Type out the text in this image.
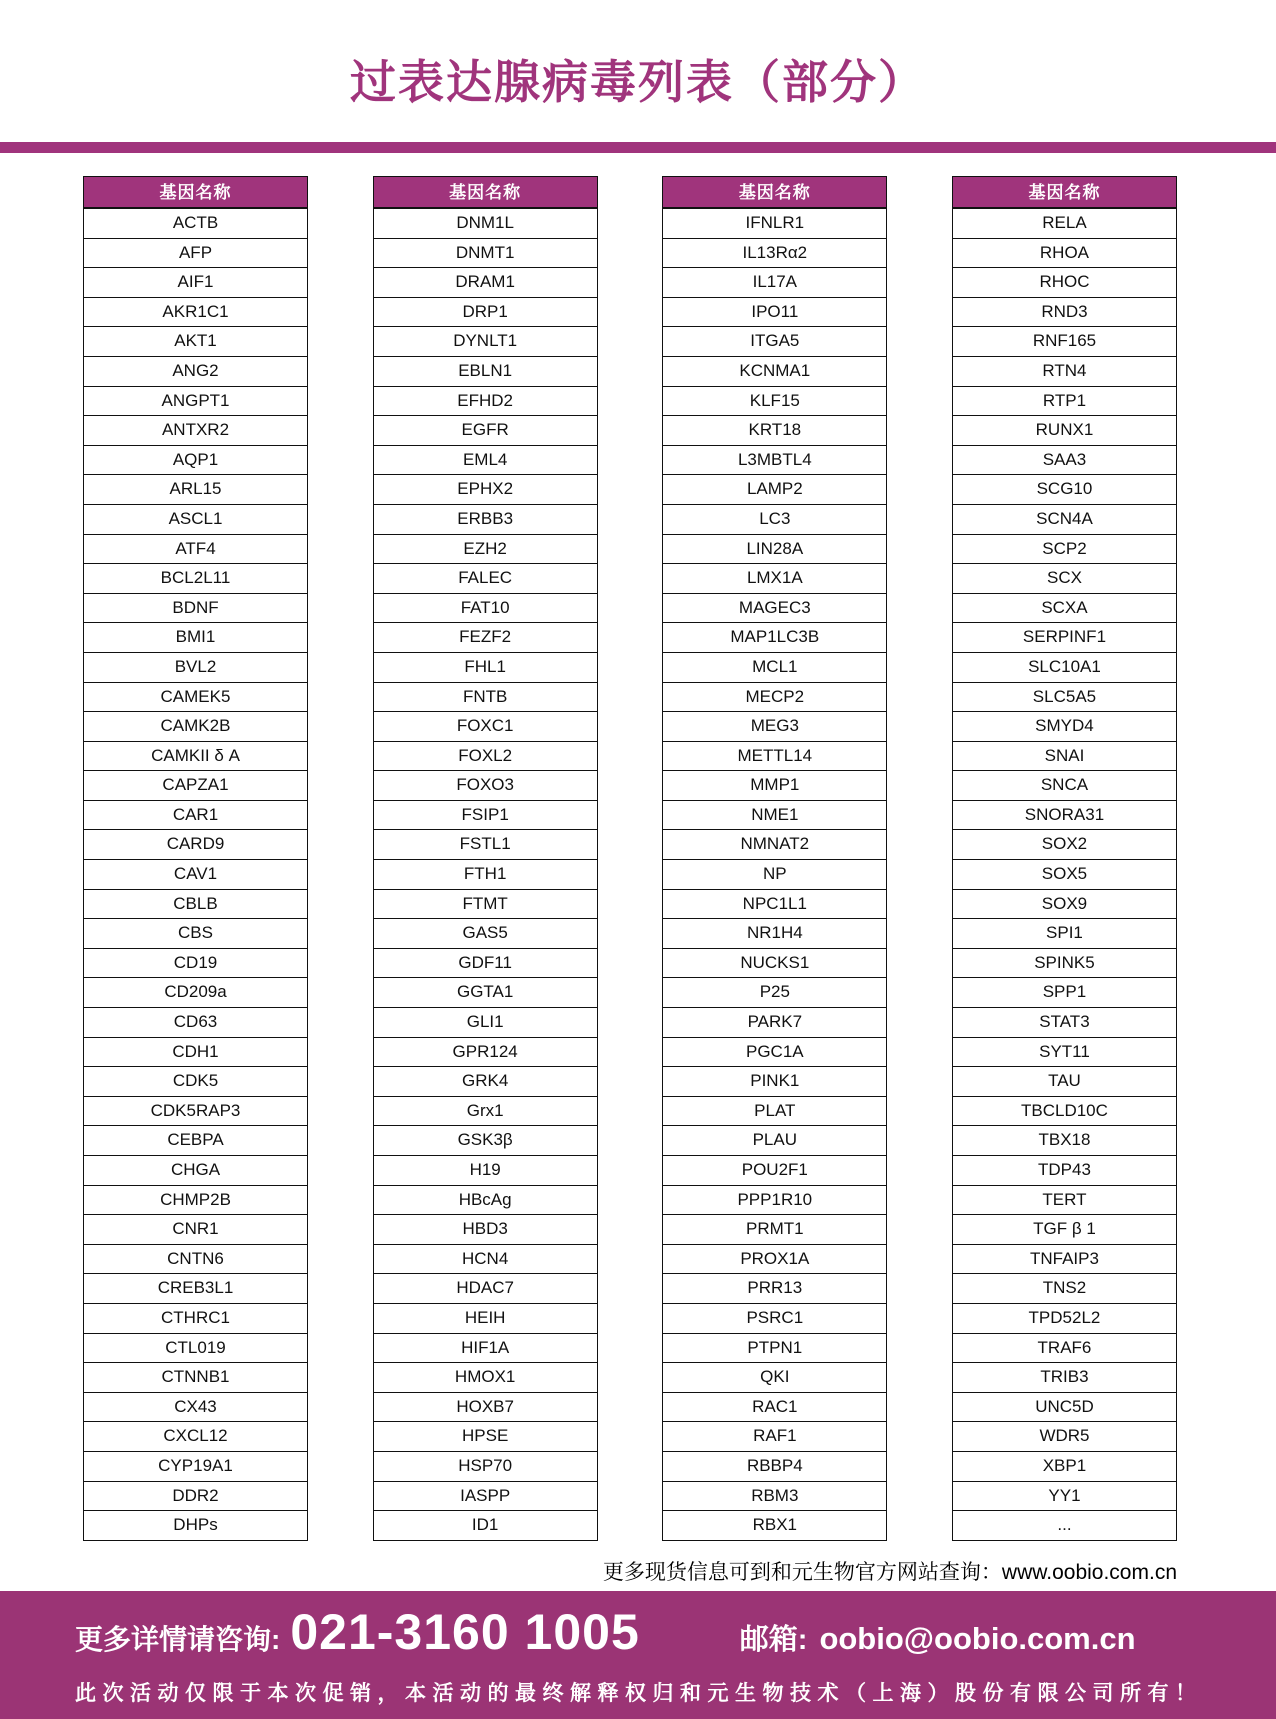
过表达腺病毒列表（部分）
基因名称
ACTB
AFP
AIF1
AKR1C1
AKT1
ANG2
ANGPT1
ANTXR2
AQP1
ARL15
ASCL1
ATF4
BCL2L11
BDNF
BMI1
BVL2
CAMEK5
CAMK2B
CAMKII δ A
CAPZA1
CAR1
CARD9
CAV1
CBLB
CBS
CD19
CD209a
CD63
CDH1
CDK5
CDK5RAP3
CEBPA
CHGA
CHMP2B
CNR1
CNTN6
CREB3L1
CTHRC1
CTL019
CTNNB1
CX43
CXCL12
CYP19A1
DDR2
DHPs
基因名称
DNM1L
DNMT1
DRAM1
DRP1
DYNLT1
EBLN1
EFHD2
EGFR
EML4
EPHX2
ERBB3
EZH2
FALEC
FAT10
FEZF2
FHL1
FNTB
FOXC1
FOXL2
FOXO3
FSIP1
FSTL1
FTH1
FTMT
GAS5
GDF11
GGTA1
GLI1
GPR124
GRK4
Grx1
GSK3β
H19
HBcAg
HBD3
HCN4
HDAC7
HEIH
HIF1A
HMOX1
HOXB7
HPSE
HSP70
IASPP
ID1
基因名称
IFNLR1
IL13Rα2
IL17A
IPO11
ITGA5
KCNMA1
KLF15
KRT18
L3MBTL4
LAMP2
LC3
LIN28A
LMX1A
MAGEC3
MAP1LC3B
MCL1
MECP2
MEG3
METTL14
MMP1
NME1
NMNAT2
NP
NPC1L1
NR1H4
NUCKS1
P25
PARK7
PGC1A
PINK1
PLAT
PLAU
POU2F1
PPP1R10
PRMT1
PROX1A
PRR13
PSRC1
PTPN1
QKI
RAC1
RAF1
RBBP4
RBM3
RBX1
基因名称
RELA
RHOA
RHOC
RND3
RNF165
RTN4
RTP1
RUNX1
SAA3
SCG10
SCN4A
SCP2
SCX
SCXA
SERPINF1
SLC10A1
SLC5A5
SMYD4
SNAI
SNCA
SNORA31
SOX2
SOX5
SOX9
SPI1
SPINK5
SPP1
STAT3
SYT11
TAU
TBCLD10C
TBX18
TDP43
TERT
TGF β 1
TNFAIP3
TNS2
TPD52L2
TRAF6
TRIB3
UNC5D
WDR5
XBP1
YY1
...
更多现货信息可到和元生物官方网站查询：www.oobio.com.cn
更多详情请咨询: 021-3160 1005	邮箱: oobio@oobio.com.cn
此次活动仅限于本次促销，本活动的最终解释权归和元生物技术（上海）股份有限公司所有！
